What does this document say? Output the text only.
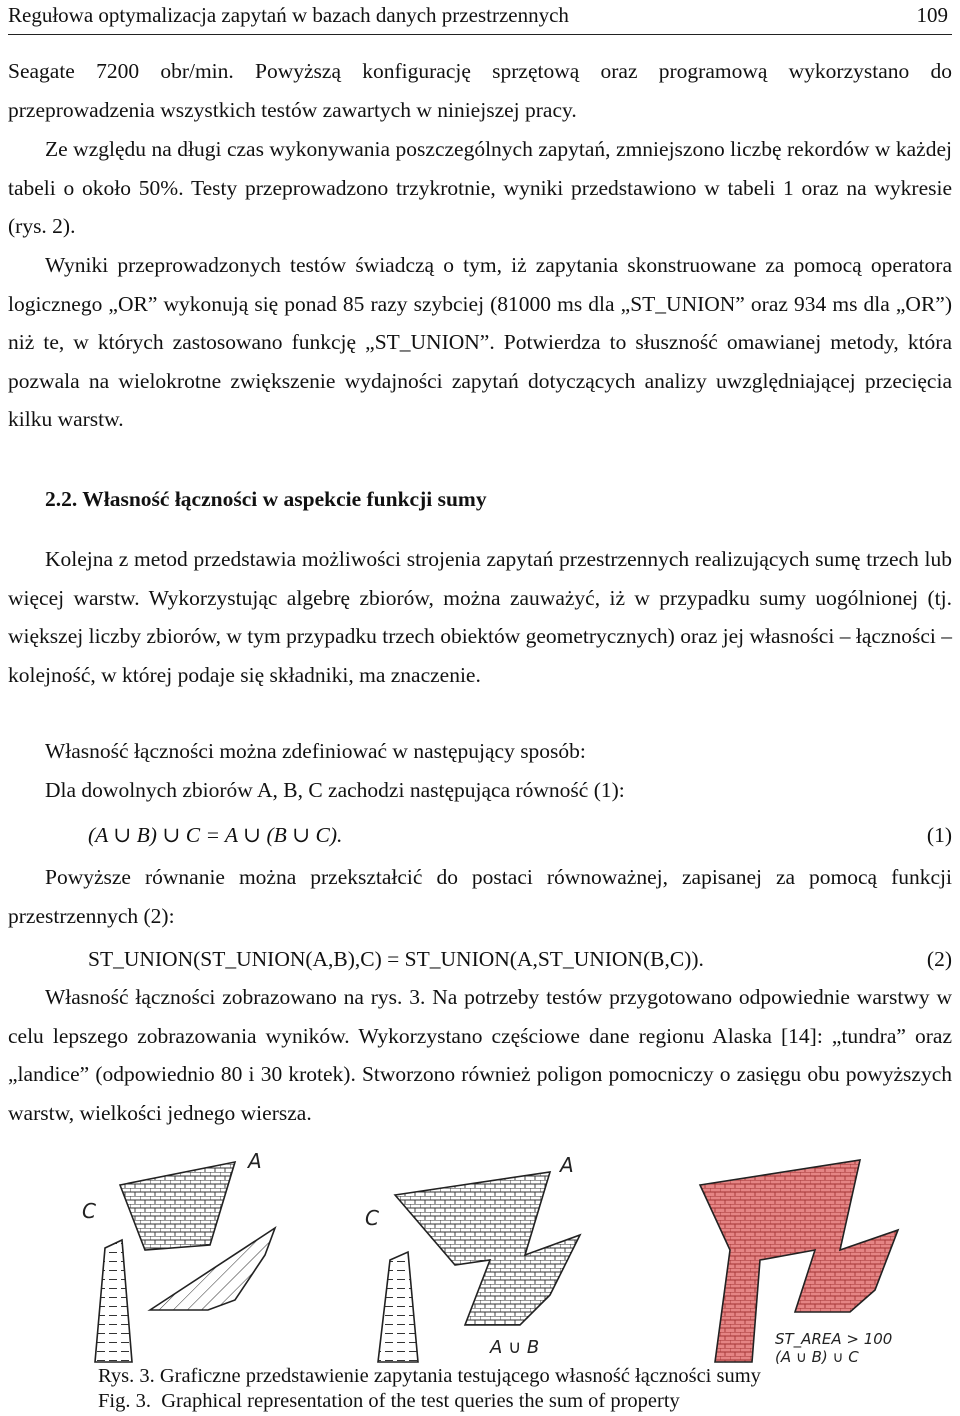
Regułowa optymalizacja zapytań w bazach danych przestrzennych	109

Seagate 7200 obr/min. Powyższą konfigurację sprzętową oraz programową wykorzystano do przeprowadzenia wszystkich testów zawartych w niniejszej pracy.

Ze względu na długi czas wykonywania poszczególnych zapytań, zmniejszono liczbę rekordów w każdej tabeli o około 50%. Testy przeprowadzono trzykrotnie, wyniki przedstawiono w tabeli 1 oraz na wykresie (rys. 2).

Wyniki przeprowadzonych testów świadczą o tym, iż zapytania skonstruowane za pomocą operatora logicznego „OR” wykonują się ponad 85 razy szybciej (81000 ms dla „ST_UNION” oraz 934 ms dla „OR”) niż te, w których zastosowano funkcję „ST_UNION”. Potwierdza to słuszność omawianej metody, która pozwala na wielokrotne zwiększenie wydajności zapytań dotyczących analizy uwzględniającej przecięcia kilku warstw.

2.2. Własność łączności w aspekcie funkcji sumy

Kolejna z metod przedstawia możliwości strojenia zapytań przestrzennych realizujących sumę trzech lub więcej warstw. Wykorzystując algebrę zbiorów, można zauważyć, iż w przypadku sumy uogólnionej (tj. większej liczby zbiorów, w tym przypadku trzech obiektów geometrycznych) oraz jej własności – łączności – kolejność, w której podaje się składniki, ma znaczenie.

Własność łączności można zdefiniować w następujący sposób:

Dla dowolnych zbiorów A, B, C zachodzi następująca równość (1):

(A ∪ B) ∪ C = A ∪ (B ∪ C).	(1)

Powyższe równanie można przekształcić do postaci równoważnej, zapisanej za pomocą funkcji przestrzennych (2):

ST_UNION(ST_UNION(A,B),C) = ST_UNION(A,ST_UNION(B,C)).	(2)

Własność łączności zobrazowano na rys. 3. Na potrzeby testów przygotowano odpowiednie warstwy w celu lepszego zobrazowania wyników. Wykorzystano częściowe dane regionu Alaska [14]: „tundra” oraz „landice” (odpowiednio 80 i 30 krotek). Stworzono również poligon pomocniczy o zasięgu obu powyższych warstw, wielkości jednego wiersza.

A
C
A
C
A ∪ B	ST_AREA > 100
(A ∪ B) ∪ C
Rys. 3. Graficzne przedstawienie zapytania testującego własność łączności sumy
Fig. 3.  Graphical representation of the test queries the sum of property
